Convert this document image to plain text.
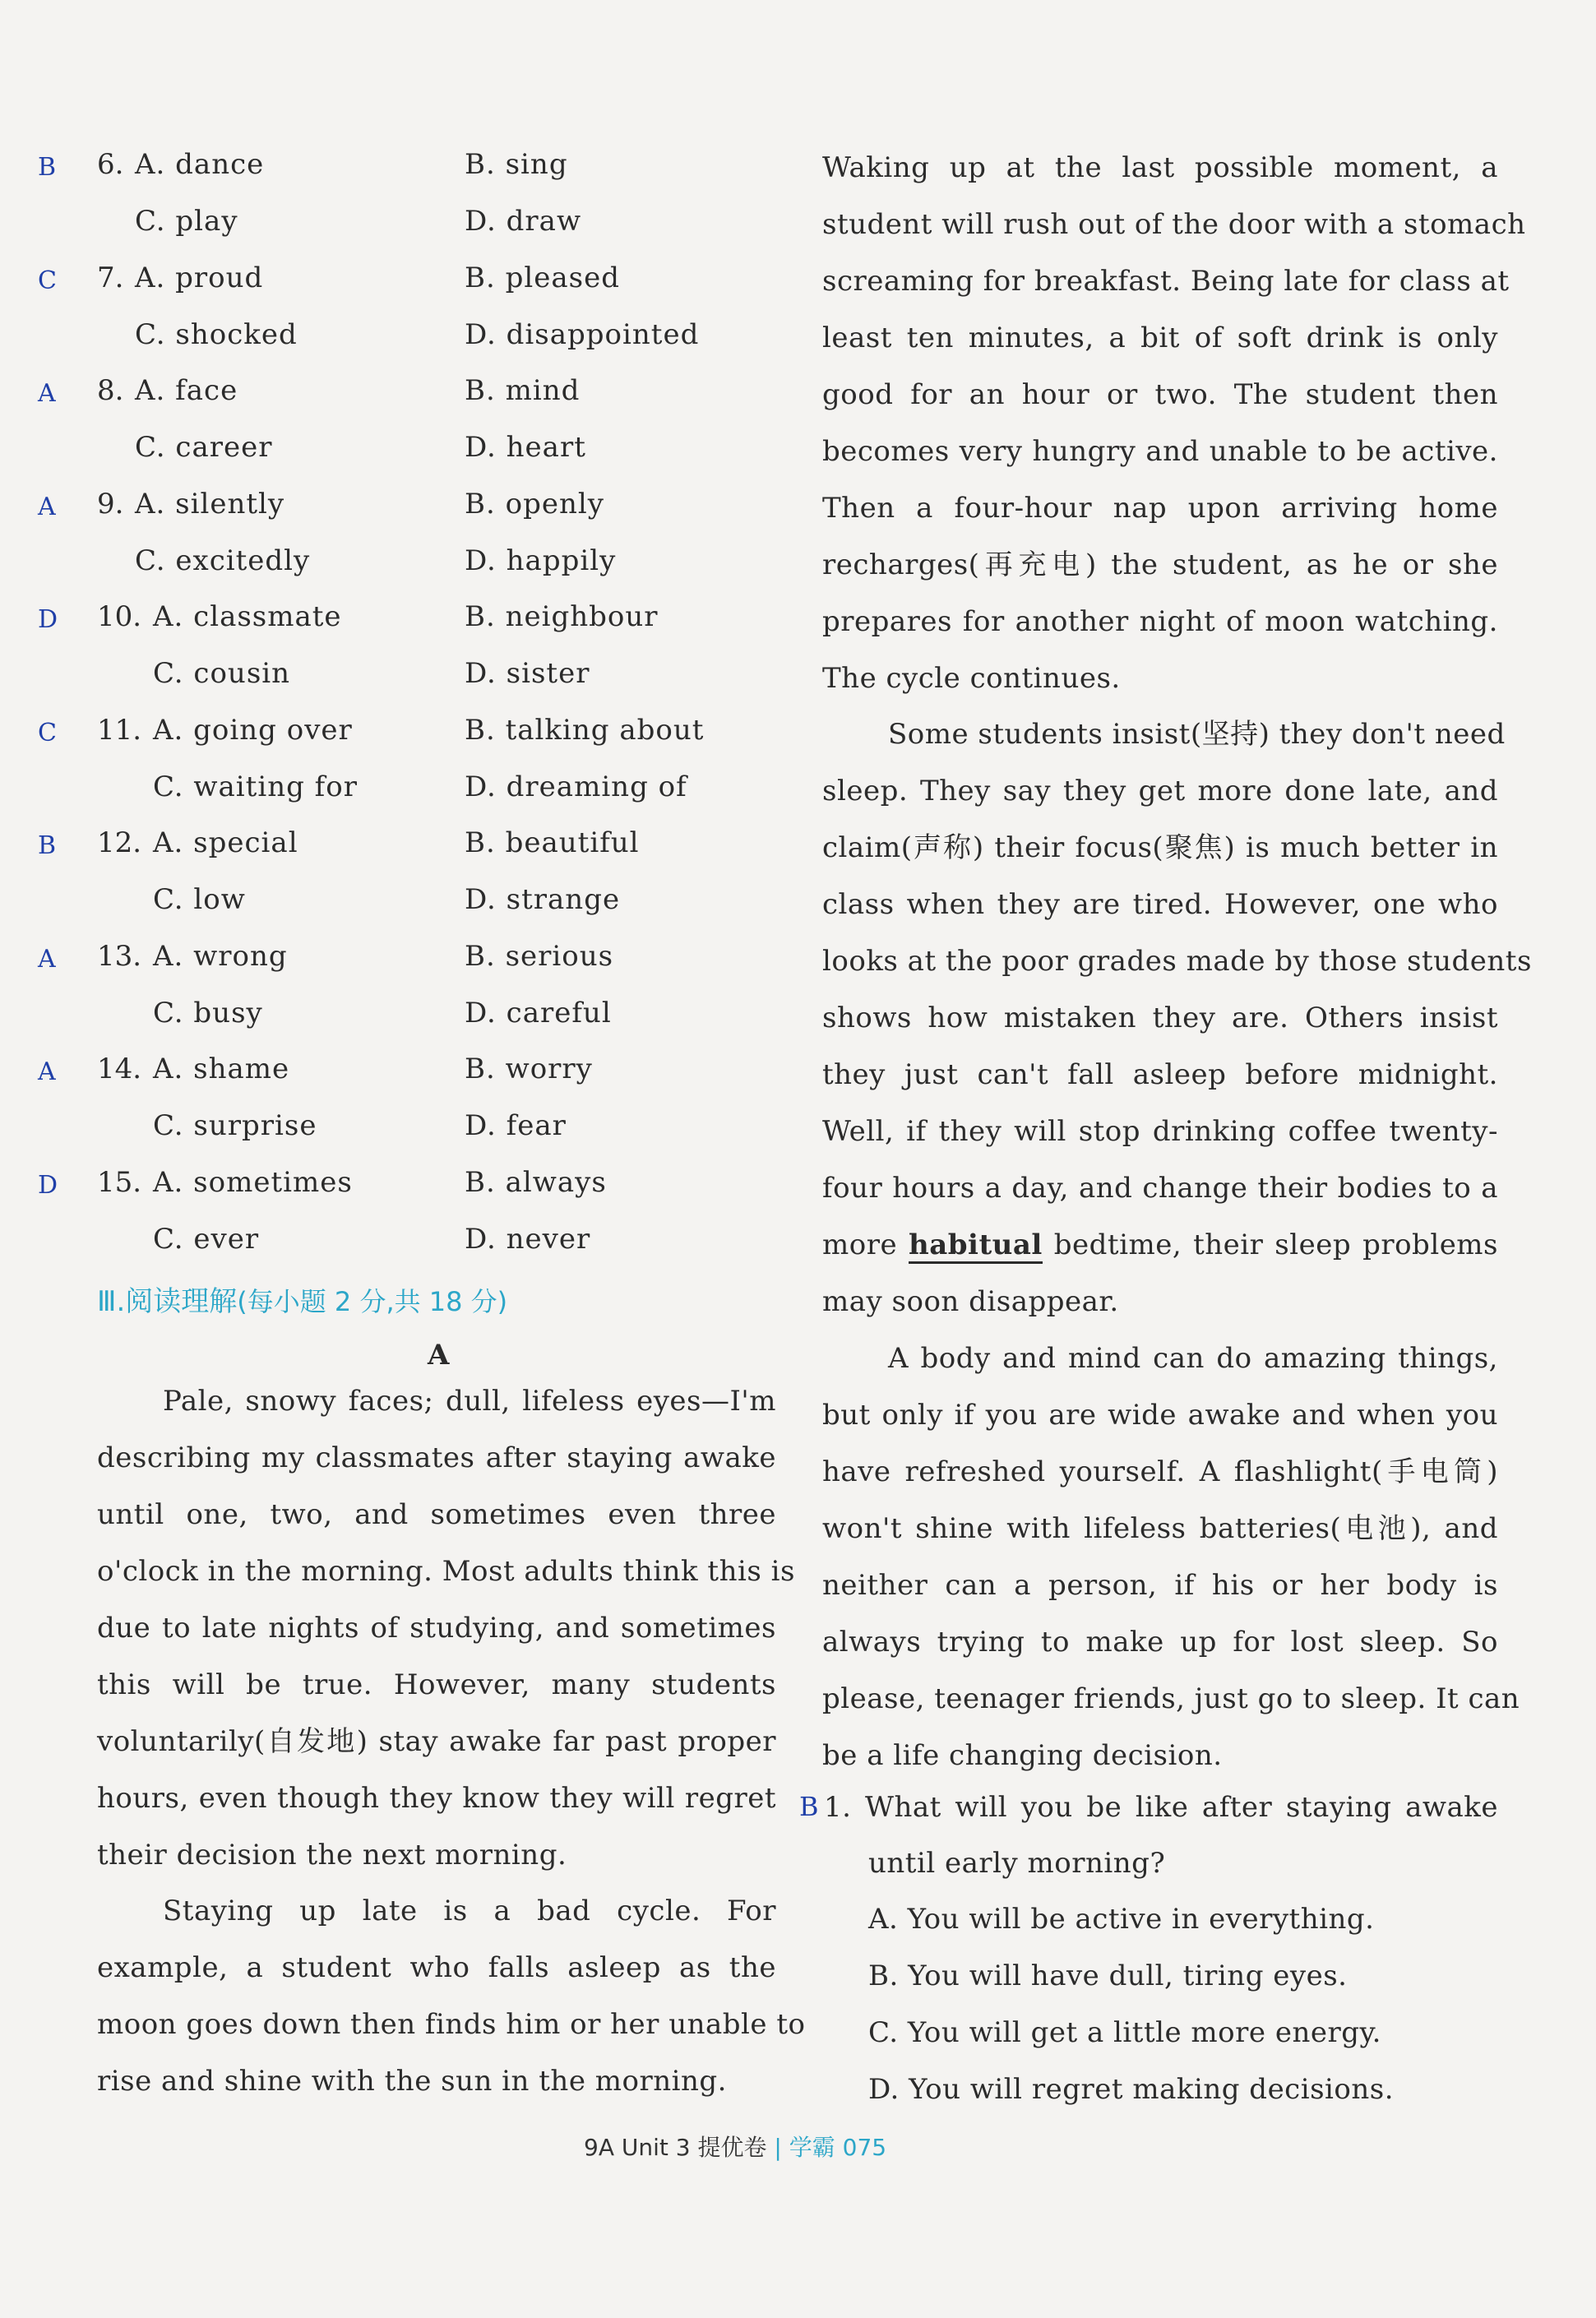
B 6. A. dance	B. sing
C. play	D. draw
C 7. A. proud	B. pleased
C. shocked	D. disappointed
A 8. A. face	B. mind
C. career	D. heart
A 9. A. silently	B. openly
C. excitedly	D. happily
D 10. A. classmate	B. neighbour
C. cousin	D. sister
C 11. A. going over	B. talking about
C. waiting for	D. dreaming of
B 12. A. special	B. beautiful
C. low	D. strange
A 13. A. wrong	B. serious
C. busy	D. careful
A 14. A. shame	B. worry
C. surprise	D. fear
D 15. A. sometimes	B. always
C. ever	D. never
Ⅲ.阅读理解(每小题 2 分,共 18 分)
A
Pale, snowy faces; dull, lifeless eyes—I'm
describing my classmates after staying awake
until one, two, and sometimes even three
o'clock in the morning. Most adults think this is
due to late nights of studying, and sometimes
this will be true. However, many students
voluntarily(自发地) stay awake far past proper
hours, even though they know they will regret
their decision the next morning.
Staying up late is a bad cycle. For
example, a student who falls asleep as the
moon goes down then finds him or her unable to
rise and shine with the sun in the morning.
Waking up at the last possible moment, a
student will rush out of the door with a stomach
screaming for breakfast. Being late for class at
least ten minutes, a bit of soft drink is only
good for an hour or two. The student then
becomes very hungry and unable to be active.
Then a four-hour nap upon arriving home
recharges(再充电) the student, as he or she
prepares for another night of moon watching.
The cycle continues.
Some students insist(坚持) they don't need
sleep. They say they get more done late, and
claim(声称) their focus(聚焦) is much better in
class when they are tired. However, one who
looks at the poor grades made by those students
shows how mistaken they are. Others insist
they just can't fall asleep before midnight.
Well, if they will stop drinking coffee twenty-
four hours a day, and change their bodies to a
more habitual bedtime, their sleep problems
may soon disappear.
A body and mind can do amazing things,
but only if you are wide awake and when you
have refreshed yourself. A flashlight(手电筒)
won't shine with lifeless batteries(电池), and
neither can a person, if his or her body is
always trying to make up for lost sleep. So
please, teenager friends, just go to sleep. It can
be a life changing decision.
B 1. What will you be like after staying awake
until early morning?
A. You will be active in everything.
B. You will have dull, tiring eyes.
C. You will get a little more energy.
D. You will regret making decisions.
9A Unit 3 提优卷 | 学霸 075
